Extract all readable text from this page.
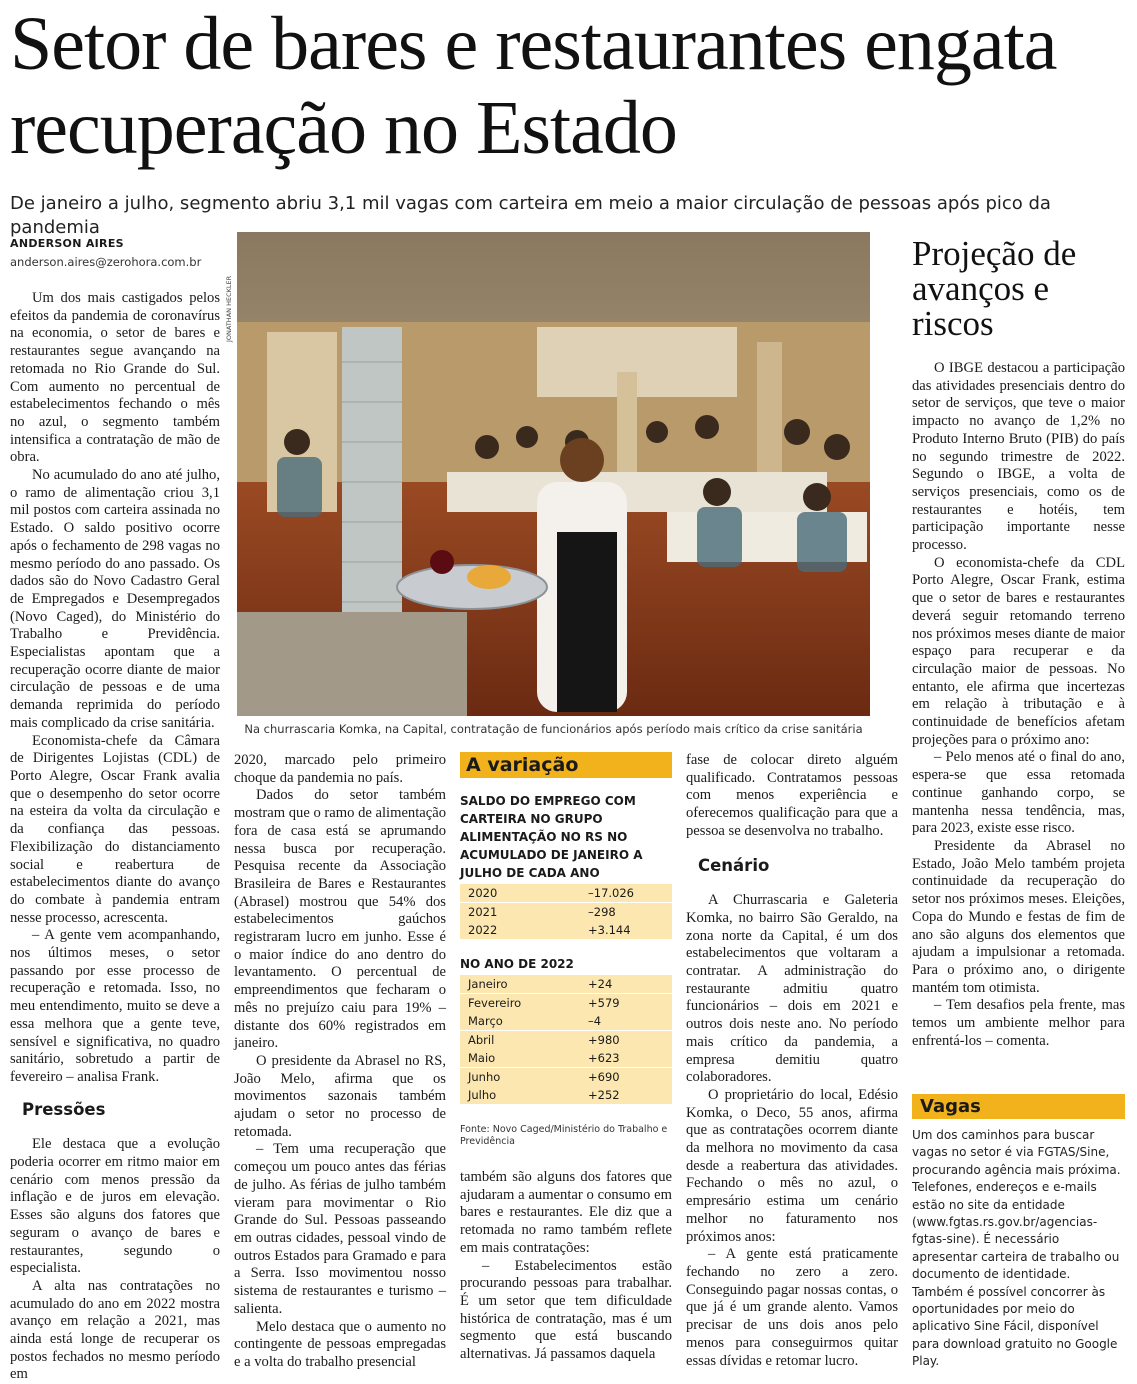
Setor de bares e restaurantes engata recuperação no Estado
De janeiro a julho, segmento abriu 3,1 mil vagas com carteira em meio a maior circulação de pessoas após pico da pandemia
ANDERSON AIRES
anderson.aires@zerohora.com.br
JONATHAN HECKLER
Na churrascaria Komka, na Capital, contratação de funcionários após período mais crítico da crise sanitária

Um dos mais castigados pelos efeitos da pandemia de coronavírus na economia, o setor de bares e restaurantes segue avançando na retomada no Rio Grande do Sul. Com aumento no percentual de estabelecimentos fechando o mês no azul, o segmento também intensifica a contratação de mão de obra.

No acumulado do ano até julho, o ramo de alimentação criou 3,1 mil postos com carteira assinada no Estado. O saldo positivo ocorre após o fechamento de 298 vagas no mesmo período do ano passado. Os dados são do Novo Cadastro Geral de Empregados e Desempregados (Novo Caged), do Ministério do Trabalho e Previdência. Especialistas apontam que a recuperação ocorre diante de maior circulação de pessoas e de uma demanda reprimida do período mais complicado da crise sanitária.

Economista-chefe da Câmara de Dirigentes Lojistas (CDL) de Porto Alegre, Oscar Frank avalia que o desempenho do setor ocorre na esteira da volta da circulação e da confiança das pessoas. Flexibilização do distanciamento social e reabertura de estabelecimentos diante do avanço do combate à pandemia entram nesse processo, acrescenta.

– A gente vem acompanhando, nos últimos meses, o setor passando por esse processo de recuperação e retomada. Isso, no meu entendimento, muito se deve a essa melhora que a gente teve, sensível e significativa, no quadro sanitário, sobretudo a partir de fevereiro – analisa Frank.

Pressões

Ele destaca que a evolução poderia ocorrer em ritmo maior em cenário com menos pressão da inflação e de juros em elevação. Esses são alguns dos fatores que seguram o avanço de bares e restaurantes, segundo o especialista.

A alta nas contratações no acumulado do ano em 2022 mostra avanço em relação a 2021, mas ainda está longe de recuperar os postos fechados no mesmo período em

2020, marcado pelo primeiro choque da pandemia no país.

Dados do setor também mostram que o ramo de alimentação fora de casa está se aprumando nessa busca por recuperação. Pesquisa recente da Associação Brasileira de Bares e Restaurantes (Abrasel) mostrou que 54% dos estabelecimentos gaúchos registraram lucro em junho. Esse é o maior índice do ano dentro do levantamento. O percentual de empreendimentos que fecharam o mês no prejuízo caiu para 19% – distante dos 60% registrados em janeiro.

O presidente da Abrasel no RS, João Melo, afirma que os movimentos sazonais também ajudam o setor no processo de retomada.

– Tem uma recuperação que começou um pouco antes das férias de julho. As férias de julho também vieram para movimentar o Rio Grande do Sul. Pessoas passeando em outras cidades, pessoal vindo de outros Estados para Gramado e para a Serra. Isso movimentou nosso sistema de restaurantes e turismo – salienta.

Melo destaca que o aumento no contingente de pessoas empregadas e a volta do trabalho presencial

A variação
SALDO DO EMPREGO COM CARTEIRA NO GRUPO ALIMENTAÇÃO NO RS NO ACUMULADO DE JANEIRO A JULHO DE CADA ANO
2020	–17.026
2021	–298
2022	+3.144
NO ANO DE 2022
Janeiro	+24
Fevereiro	+579
Março	–4
Abril	+980
Maio	+623
Junho	+690
Julho	+252
Fonte: Novo Caged/Ministério do Trabalho e Previdência

também são alguns dos fatores que ajudaram a aumentar o consumo em bares e restaurantes. Ele diz que a retomada no ramo também reflete em mais contratações:

– Estabelecimentos estão procurando pessoas para trabalhar. É um setor que tem dificuldade histórica de contratação, mas é um segmento que está buscando alternativas. Já passamos daquela

fase de colocar direto alguém qualificado. Contratamos pessoas com menos experiência e oferecemos qualificação para que a pessoa se desenvolva no trabalho.

Cenário

A Churrascaria e Galeteria Komka, no bairro São Geraldo, na zona norte da Capital, é um dos estabelecimentos que voltaram a contratar. A administração do restaurante admitiu quatro funcionários – dois em 2021 e outros dois neste ano. No período mais crítico da pandemia, a empresa demitiu quatro colaboradores.

O proprietário do local, Edésio Komka, o Deco, 55 anos, afirma que as contratações ocorrem diante da melhora no movimento da casa desde a reabertura das atividades. Fechando o mês no azul, o empresário estima um cenário melhor no faturamento nos próximos anos:

– A gente está praticamente fechando no zero a zero. Conseguindo pagar nossas contas, o que já é um grande alento. Vamos precisar de uns dois anos pelo menos para conseguirmos quitar essas dívidas e retomar lucro.

Projeção de avanços e riscos

O IBGE destacou a participação das atividades presenciais dentro do setor de serviços, que teve o maior impacto no avanço de 1,2% no Produto Interno Bruto (PIB) do país no segundo trimestre de 2022. Segundo o IBGE, a volta de serviços presenciais, como os de restaurantes e hotéis, tem participação importante nesse processo.

O economista-chefe da CDL Porto Alegre, Oscar Frank, estima que o setor de bares e restaurantes deverá seguir retomando terreno nos próximos meses diante de maior espaço para recuperar e da circulação maior de pessoas. No entanto, ele afirma que incertezas em relação à tributação e à continuidade de benefícios afetam projeções para o próximo ano:

– Pelo menos até o final do ano, espera-se que essa retomada continue ganhando corpo, se mantenha nessa tendência, mas, para 2023, existe esse risco.

Presidente da Abrasel no Estado, João Melo também projeta continuidade da recuperação do setor nos próximos meses. Eleições, Copa do Mundo e festas de fim de ano são alguns dos elementos que ajudam a impulsionar a retomada. Para o próximo ano, o dirigente mantém tom otimista.

– Tem desafios pela frente, mas temos um ambiente melhor para enfrentá-los – comenta.

Vagas
Um dos caminhos para buscar vagas no setor é via FGTAS/Sine, procurando agência mais próxima. Telefones, endereços e e-mails estão no site da entidade (www.fgtas.rs.gov.br/agencias-fgtas-sine). É necessário apresentar carteira de trabalho ou documento de identidade. Também é possível concorrer às oportunidades por meio do aplicativo Sine Fácil, disponível para download gratuito no Google Play.
